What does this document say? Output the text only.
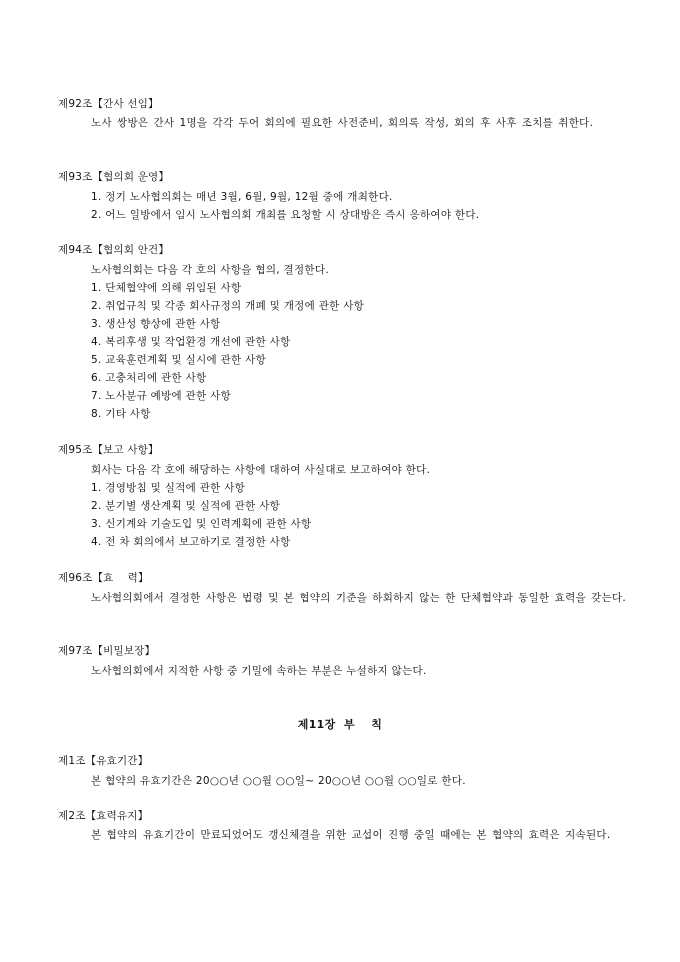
제92조【간사 선임】
노사 쌍방은 간사 1명을 각각 두어 회의에 필요한 사전준비, 회의록 작성, 회의 후 사후 조치를 취한다.
제93조【협의회 운영】
1. 정기 노사협의회는 매년 3월, 6월, 9월, 12월 중에 개최한다.
2. 어느 일방에서 임시 노사협의회 개최를 요청할 시 상대방은 즉시 응하여야 한다.
제94조【협의회 안건】
노사협의회는 다음 각 호의 사항을 협의, 결정한다.
1. 단체협약에 의해 위임된 사항
2. 취업규칙 및 각종 회사규정의 개폐 및 개정에 관한 사항
3. 생산성 향상에 관한 사항
4. 복리후생 및 작업환경 개선에 관한 사항
5. 교육훈련계획 및 실시에 관한 사항
6. 고충처리에 관한 사항
7. 노사분규 예방에 관한 사항
8. 기타 사항
제95조【보고 사항】
회사는 다음 각 호에 해당하는 사항에 대하여 사실대로 보고하여야 한다.
1. 경영방침 및 실적에 관한 사항
2. 분기별 생산계획 및 실적에 관한 사항
3. 신기계와 기술도입 및 인력계획에 관한 사항
4. 전 차 회의에서 보고하기로 결정한 사항
제96조【효    력】
노사협의회에서 결정한 사항은 법령 및 본 협약의 기준을 하회하지 않는 한 단체협약과 동일한 효력을 갖는다.
제97조【비밀보장】
노사협의회에서 지적한 사항 중 기밀에 속하는 부분은 누설하지 않는다.
제11장  부    칙
제1조【유효기간】
본 협약의 유효기간은 20○○년 ○○월 ○○일~ 20○○년 ○○월 ○○일로 한다.
제2조【효력유지】
본 협약의 유효기간이 만료되었어도 갱신체결을 위한 교섭이 진행 중일 때에는 본 협약의 효력은 지속된다.
